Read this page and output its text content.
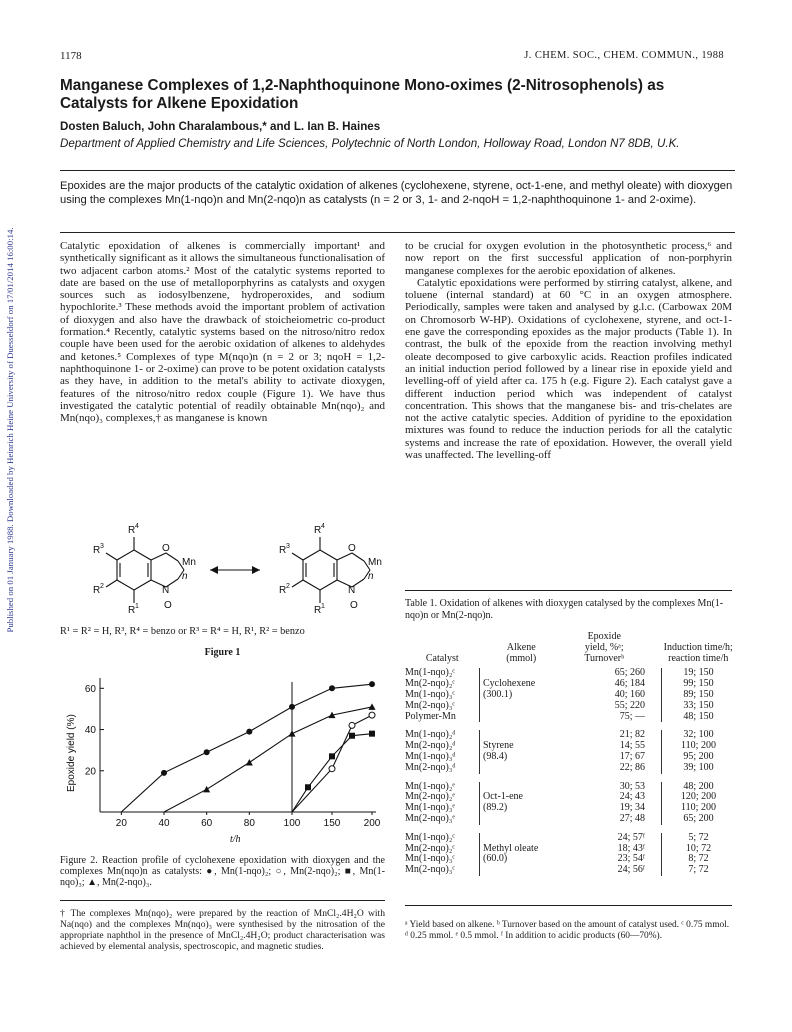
Published on 01 January 1988. Downloaded by Heinrich Heine University of Duesseldorf on 17/01/2014 16:00:14.
1178	J. CHEM. SOC., CHEM. COMMUN., 1988
Manganese Complexes of 1,2-Naphthoquinone Mono-oximes (2-Nitrosophenols) as Catalysts for Alkene Epoxidation
Dosten Baluch, John Charalambous,* and L. Ian B. Haines
Department of Applied Chemistry and Life Sciences, Polytechnic of North London, Holloway Road, London N7 8DB, U.K.
Epoxides are the major products of the catalytic oxidation of alkenes (cyclohexene, styrene, oct-1-ene, and methyl oleate) with dioxygen using the complexes Mn(1-nqo)n and Mn(2-nqo)n as catalysts (n = 2 or 3, 1- and 2-nqoH = 1,2-naphthoquinone 1- and 2-oxime).

Catalytic epoxidation of alkenes is commercially important¹ and synthetically significant as it allows the simultaneous functionalisation of two adjacent carbon atoms.² Most of the catalytic systems reported to date are based on the use of metalloporphyrins as catalysts and oxygen sources such as iodosylbenzene, hydroperoxides, and sodium hypochlorite.³ These methods avoid the important problem of activation of dioxygen and also have the drawback of stoicheiometric co-product formation.⁴ Recently, catalytic systems based on the nitroso/nitro redox couple have been used for the aerobic oxidation of alkenes to aldehydes and ketones.⁵ Complexes of type M(nqo)n (n = 2 or 3; nqoH = 1,2-naphthoquinone 1- or 2-oxime) can prove to be potent oxidation catalysts as they have, in addition to the metal's ability to activate dioxygen, features of the nitroso/nitro redox couple (Figure 1). We have thus investigated the catalytic potential of readily obtainable Mn(nqo)₂ and Mn(nqo)₃ complexes,† as manganese is known

to be crucial for oxygen evolution in the photosynthetic process,⁶ and now report on the first successful application of non-porphyrin manganese complexes for the aerobic epoxidation of alkenes.

Catalytic epoxidations were performed by stirring catalyst, alkene, and toluene (internal standard) at 60 °C in an oxygen atmosphere. Periodically, samples were taken and analysed by g.l.c. (Carbowax 20M on Chromosorb W-HP). Oxidations of cyclohexene, styrene, and oct-1-ene gave the corresponding epoxides as the major products (Table 1). In contrast, the bulk of the epoxide from the reaction involving methyl oleate decomposed to give carboxylic acids. Reaction profiles indicated an initial induction period followed by a linear rise in epoxide yield and levelling-off of yield after ca. 175 h (e.g. Figure 2). Each catalyst gave a different induction period which was independent of catalyst concentration. This shows that the manganese bis- and tris-chelates are not the active catalytic species. Addition of pyridine to the epoxidation mixtures was found to reduce the induction periods for all the catalytic systems and increase the rate of epoxidation. However, the overall yield was unaffected. The levelling-off

R 4
R 3
R 2
R 1
O
N
O
Mn
n
R 4
R 3
R 2
R 1
O
N
O
Mn
n
R¹ = R² = H, R³, R⁴ = benzo or R³ = R⁴ = H, R¹, R² = benzo
Figure 1
20
40
60
20	40	60	80	100 150 200
Epoxide yield (%)
t/h
Figure 2. Reaction profile of cyclohexene epoxidation with dioxygen and the complexes Mn(nqo)n as catalysts: ●, Mn(1-nqo)₂; ○, Mn(2-nqo)₂; ■, Mn(1-nqo)₃; ▲, Mn(2-nqo)₃.
† The complexes Mn(nqo)₂ were prepared by the reaction of MnCl₂.4H₂O with Na(nqo) and the complexes Mn(nqo)₃ were synthesised by the nitrosation of the appropriate naphthol in the presence of MnCl₂.4H₂O; product characterisation was achieved by elemental analysis, spectroscopic, and magnetic studies.
Table 1. Oxidation of alkenes with dioxygen catalysed by the complexes Mn(1-nqo)n or Mn(2-nqo)n.
Catalyst	Alkene
(mmol)	Epoxide
yield, %ᵃ;
Turnoverᵇ	Induction time/h;
reaction time/h
Mn(1-nqo)₂ᶜ		65; 260	19; 150
Mn(2-nqo)₂ᶜ	Cyclohexene	46; 184	99; 150
Mn(1-nqo)₃ᶜ	(300.1)	40; 160	89; 150
Mn(2-nqo)₃ᶜ		55; 220	33; 150
Polymer-Mn		75; —	48; 150

Mn(1-nqo)₂ᵈ		21; 82	32; 100
Mn(2-nqo)₂ᵈ	Styrene	14; 55	110; 200
Mn(1-nqo)₃ᵈ	(98.4)	17; 67	95; 200
Mn(2-nqo)₃ᵈ		22; 86	39; 100

Mn(1-nqo)₂ᵉ		30; 53	48; 200
Mn(2-nqo)₂ᵉ	Oct-1-ene	24; 43	120; 200
Mn(1-nqo)₃ᵉ	(89.2)	19; 34	110; 200
Mn(2-nqo)₃ᵉ		27; 48	65; 200

Mn(1-nqo)₂ᶜ		24; 57ᶠ	5; 72
Mn(2-nqo)₂ᶜ	Methyl oleate	18; 43ᶠ	10; 72
Mn(1-nqo)₃ᶜ	(60.0)	23; 54ᶠ	8; 72
Mn(2-nqo)₃ᶜ		24; 56ᶠ	7; 72
ᵃ Yield based on alkene. ᵇ Turnover based on the amount of catalyst used. ᶜ 0.75 mmol. ᵈ 0.25 mmol. ᵉ 0.5 mmol. ᶠ In addition to acidic products (60—70%).
